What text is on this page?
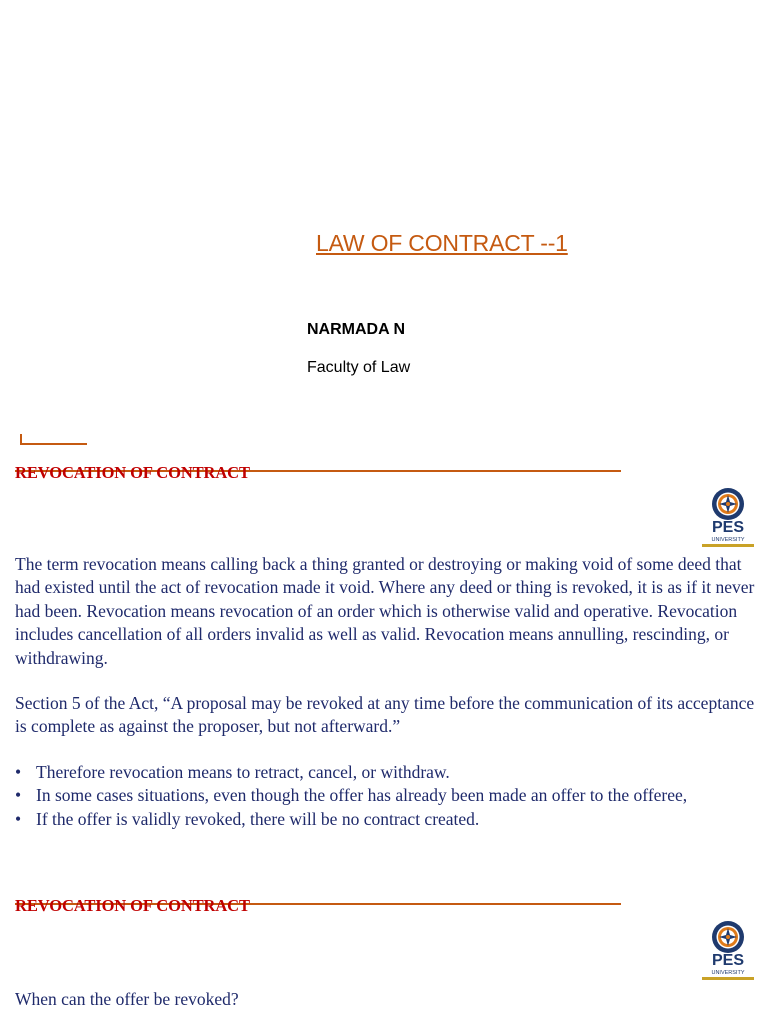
LAW OF CONTRACT --1
NARMADA N
Faculty of Law
REVOCATION OF CONTRACT
PES
UNIVERSITY
The term revocation means calling back a thing granted or destroying or making void of some deed that had existed until the act of revocation made it void. Where any deed or thing is revoked, it is as if it never had been. Revocation means revocation of an order which is otherwise valid and operative. Revocation includes cancellation of all orders invalid as well as valid. Revocation means annulling, rescinding, or withdrawing.
Section 5 of the Act, “A proposal may be revoked at any time before the communication of its acceptance is complete as against the proposer, but not afterward.”
• Therefore revocation means to retract, cancel, or withdraw.
• In some cases situations, even though the offer has already been made an offer to the offeree,
• If the offer is validly revoked, there will be no contract created.
REVOCATION OF CONTRACT
PES
UNIVERSITY
When can the offer be revoked?
